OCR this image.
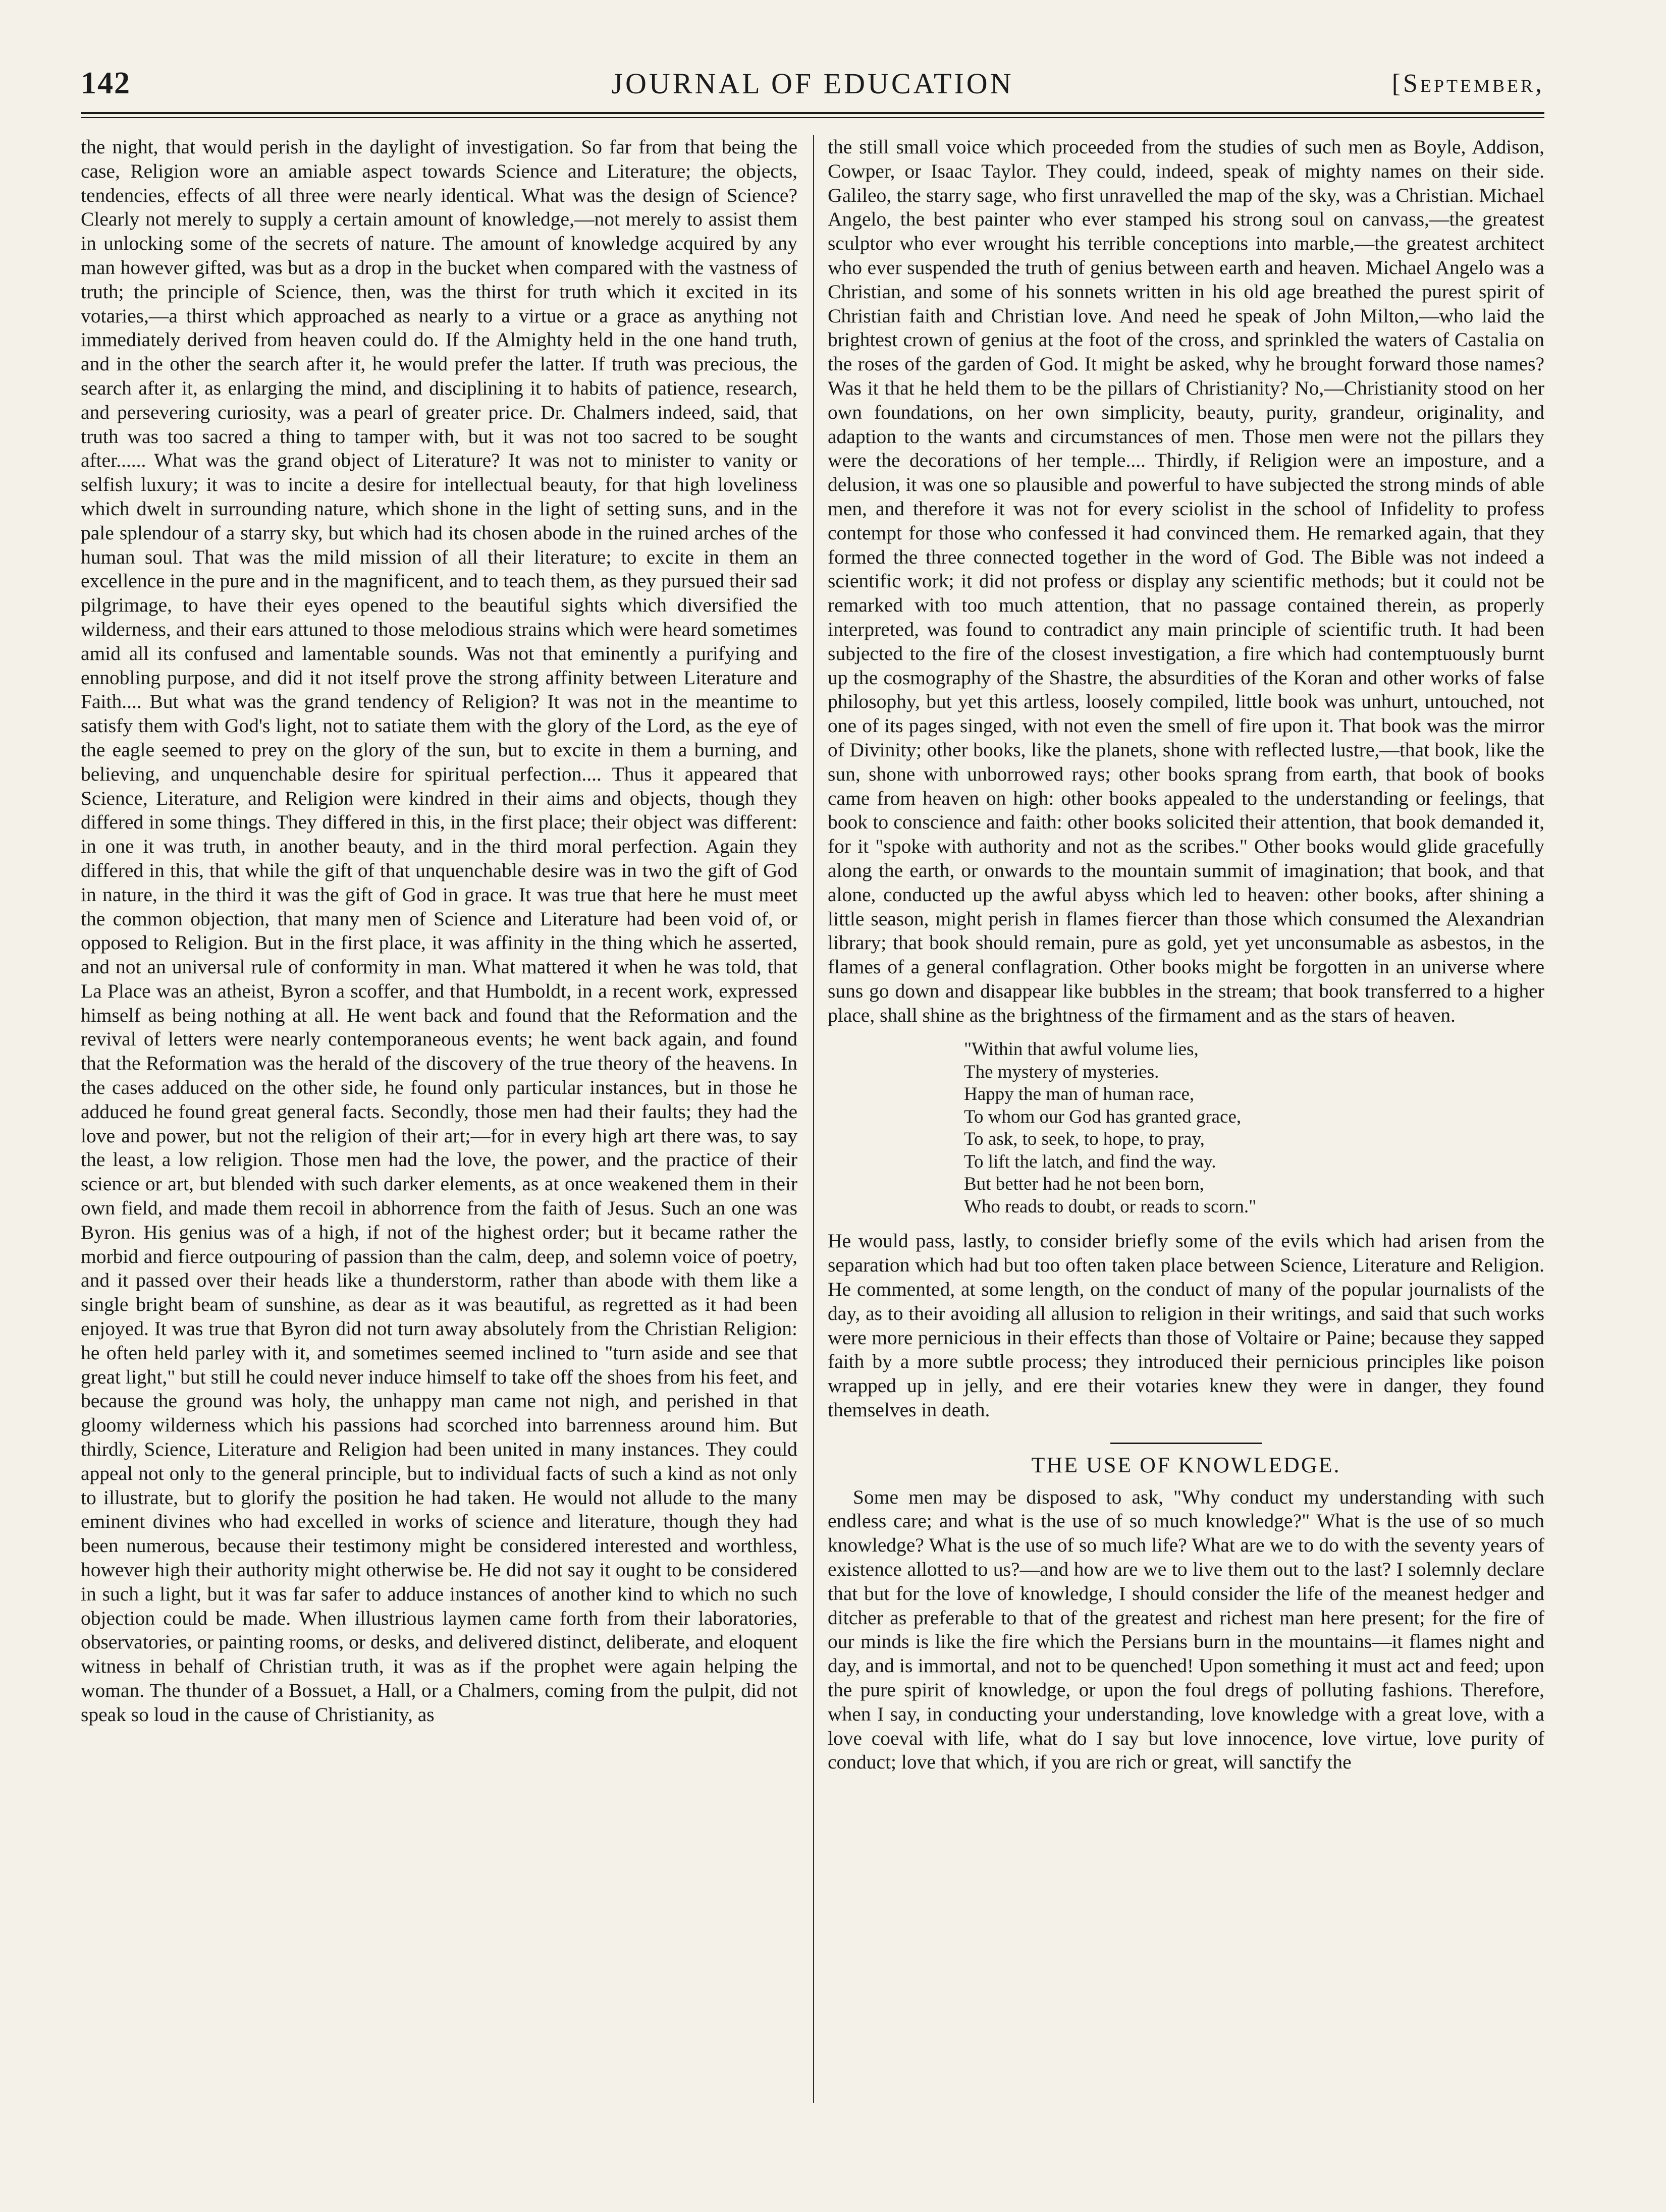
142	JOURNAL OF EDUCATION	[September,

the night, that would perish in the daylight of investigation. So far from that being the case, Religion wore an amiable aspect towards Science and Literature; the objects, tendencies, effects of all three were nearly identical. What was the design of Science? Clearly not merely to supply a certain amount of knowledge,—not merely to assist them in unlocking some of the secrets of nature. The amount of knowledge acquired by any man however gifted, was but as a drop in the bucket when compared with the vastness of truth; the principle of Science, then, was the thirst for truth which it excited in its votaries,—a thirst which approached as nearly to a virtue or a grace as anything not immediately derived from heaven could do. If the Almighty held in the one hand truth, and in the other the search after it, he would prefer the latter. If truth was precious, the search after it, as enlarging the mind, and disciplining it to habits of patience, research, and persevering curiosity, was a pearl of greater price. Dr. Chalmers indeed, said, that truth was too sacred a thing to tamper with, but it was not too sacred to be sought after...... What was the grand object of Literature? It was not to minister to vanity or selfish luxury; it was to incite a desire for intellectual beauty, for that high loveliness which dwelt in surrounding nature, which shone in the light of setting suns, and in the pale splendour of a starry sky, but which had its chosen abode in the ruined arches of the human soul. That was the mild mission of all their literature; to excite in them an excellence in the pure and in the magnificent, and to teach them, as they pursued their sad pilgrimage, to have their eyes opened to the beautiful sights which diversified the wilderness, and their ears attuned to those melodious strains which were heard sometimes amid all its confused and lamentable sounds. Was not that eminently a purifying and ennobling purpose, and did it not itself prove the strong affinity between Literature and Faith.... But what was the grand tendency of Religion? It was not in the meantime to satisfy them with God's light, not to satiate them with the glory of the Lord, as the eye of the eagle seemed to prey on the glory of the sun, but to excite in them a burning, and believing, and unquenchable desire for spiritual perfection.... Thus it appeared that Science, Literature, and Religion were kindred in their aims and objects, though they differed in some things. They differed in this, in the first place; their object was different: in one it was truth, in another beauty, and in the third moral perfection. Again they differed in this, that while the gift of that unquenchable desire was in two the gift of God in nature, in the third it was the gift of God in grace. It was true that here he must meet the common objection, that many men of Science and Literature had been void of, or opposed to Religion. But in the first place, it was affinity in the thing which he asserted, and not an universal rule of conformity in man. What mattered it when he was told, that La Place was an atheist, Byron a scoffer, and that Humboldt, in a recent work, expressed himself as being nothing at all. He went back and found that the Reformation and the revival of letters were nearly contemporaneous events; he went back again, and found that the Reformation was the herald of the discovery of the true theory of the heavens. In the cases adduced on the other side, he found only particular instances, but in those he adduced he found great general facts. Secondly, those men had their faults; they had the love and power, but not the religion of their art;—for in every high art there was, to say the least, a low religion. Those men had the love, the power, and the practice of their science or art, but blended with such darker elements, as at once weakened them in their own field, and made them recoil in abhorrence from the faith of Jesus. Such an one was Byron. His genius was of a high, if not of the highest order; but it became rather the morbid and fierce outpouring of passion than the calm, deep, and solemn voice of poetry, and it passed over their heads like a thunderstorm, rather than abode with them like a single bright beam of sunshine, as dear as it was beautiful, as regretted as it had been enjoyed. It was true that Byron did not turn away absolutely from the Christian Religion: he often held parley with it, and sometimes seemed inclined to "turn aside and see that great light," but still he could never induce himself to take off the shoes from his feet, and because the ground was holy, the unhappy man came not nigh, and perished in that gloomy wilderness which his passions had scorched into barrenness around him. But thirdly, Science, Literature and Religion had been united in many instances. They could appeal not only to the general principle, but to individual facts of such a kind as not only to illustrate, but to glorify the position he had taken. He would not allude to the many eminent divines who had excelled in works of science and literature, though they had been numerous, because their testimony might be considered interested and worthless, however high their authority might otherwise be. He did not say it ought to be considered in such a light, but it was far safer to adduce instances of another kind to which no such objection could be made. When illustrious laymen came forth from their laboratories, observatories, or painting rooms, or desks, and delivered distinct, deliberate, and eloquent witness in behalf of Christian truth, it was as if the prophet were again helping the woman. The thunder of a Bossuet, a Hall, or a Chalmers, coming from the pulpit, did not speak so loud in the cause of Christianity, as

the still small voice which proceeded from the studies of such men as Boyle, Addison, Cowper, or Isaac Taylor. They could, indeed, speak of mighty names on their side. Galileo, the starry sage, who first unravelled the map of the sky, was a Christian. Michael Angelo, the best painter who ever stamped his strong soul on canvass,—the greatest sculptor who ever wrought his terrible conceptions into marble,—the greatest architect who ever suspended the truth of genius between earth and heaven. Michael Angelo was a Christian, and some of his sonnets written in his old age breathed the purest spirit of Christian faith and Christian love. And need he speak of John Milton,—who laid the brightest crown of genius at the foot of the cross, and sprinkled the waters of Castalia on the roses of the garden of God. It might be asked, why he brought forward those names? Was it that he held them to be the pillars of Christianity? No,—Christianity stood on her own foundations, on her own simplicity, beauty, purity, grandeur, originality, and adaption to the wants and circumstances of men. Those men were not the pillars they were the decorations of her temple.... Thirdly, if Religion were an imposture, and a delusion, it was one so plausible and powerful to have subjected the strong minds of able men, and therefore it was not for every sciolist in the school of Infidelity to profess contempt for those who confessed it had convinced them. He remarked again, that they formed the three connected together in the word of God. The Bible was not indeed a scientific work; it did not profess or display any scientific methods; but it could not be remarked with too much attention, that no passage contained therein, as properly interpreted, was found to contradict any main principle of scientific truth. It had been subjected to the fire of the closest investigation, a fire which had contemptuously burnt up the cosmography of the Shastre, the absurdities of the Koran and other works of false philosophy, but yet this artless, loosely compiled, little book was unhurt, untouched, not one of its pages singed, with not even the smell of fire upon it. That book was the mirror of Divinity; other books, like the planets, shone with reflected lustre,—that book, like the sun, shone with unborrowed rays; other books sprang from earth, that book of books came from heaven on high: other books appealed to the understanding or feelings, that book to conscience and faith: other books solicited their attention, that book demanded it, for it "spoke with authority and not as the scribes." Other books would glide gracefully along the earth, or onwards to the mountain summit of imagination; that book, and that alone, conducted up the awful abyss which led to heaven: other books, after shining a little season, might perish in flames fiercer than those which consumed the Alexandrian library; that book should remain, pure as gold, yet yet unconsumable as asbestos, in the flames of a general conflagration. Other books might be forgotten in an universe where suns go down and disappear like bubbles in the stream; that book transferred to a higher place, shall shine as the brightness of the firmament and as the stars of heaven.

"Within that awful volume lies,
The mystery of mysteries.
Happy the man of human race,
To whom our God has granted grace,
To ask, to seek, to hope, to pray,
To lift the latch, and find the way.
But better had he not been born,
Who reads to doubt, or reads to scorn."

He would pass, lastly, to consider briefly some of the evils which had arisen from the separation which had but too often taken place between Science, Literature and Religion. He commented, at some length, on the conduct of many of the popular journalists of the day, as to their avoiding all allusion to religion in their writings, and said that such works were more pernicious in their effects than those of Voltaire or Paine; because they sapped faith by a more subtle process; they introduced their pernicious principles like poison wrapped up in jelly, and ere their votaries knew they were in danger, they found themselves in death.

THE USE OF KNOWLEDGE.

Some men may be disposed to ask, "Why conduct my understanding with such endless care; and what is the use of so much knowledge?" What is the use of so much knowledge? What is the use of so much life? What are we to do with the seventy years of existence allotted to us?—and how are we to live them out to the last? I solemnly declare that but for the love of knowledge, I should consider the life of the meanest hedger and ditcher as preferable to that of the greatest and richest man here present; for the fire of our minds is like the fire which the Persians burn in the mountains—it flames night and day, and is immortal, and not to be quenched! Upon something it must act and feed; upon the pure spirit of knowledge, or upon the foul dregs of polluting fashions. Therefore, when I say, in conducting your understanding, love knowledge with a great love, with a love coeval with life, what do I say but love innocence, love virtue, love purity of conduct; love that which, if you are rich or great, will sanctify the
